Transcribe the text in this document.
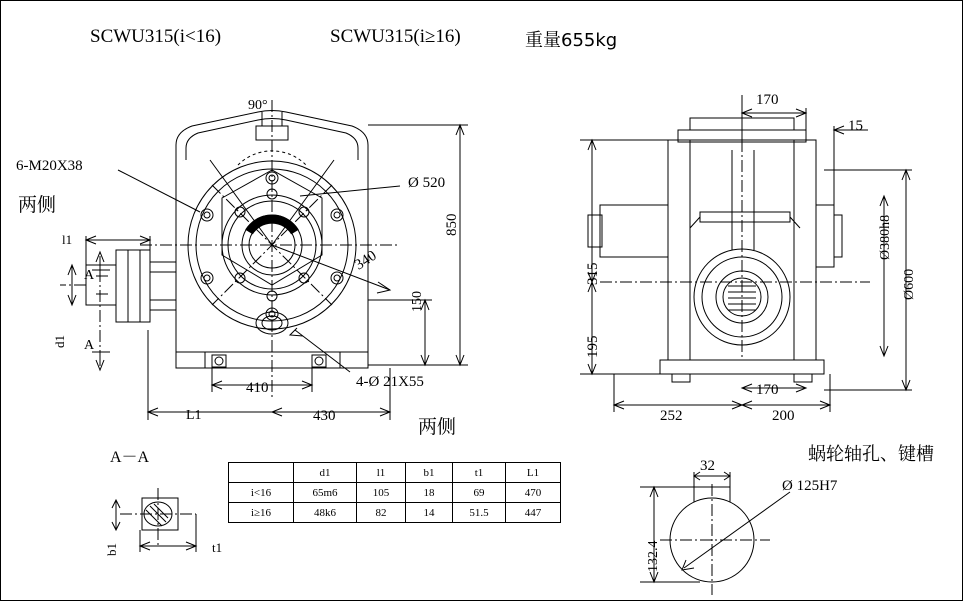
SCWU315(i<16)	SCWU315(i≥16)	重量655kg
90°
6-M20X38
两侧
Ø 520
850
340
150
410
430
L1
l1
d1
A
A
4-Ø 21X55
两侧
170
15
Ø380h8
Ø600
315
195
252
170
200
A－A
b1	t1
蜗轮轴孔、键槽
32
132.4
Ø 125H7
	d1	l1	b1	t1	L1
i<16	65m6	105	18	69	470
i≥16	48k6	82	14	51.5	447
